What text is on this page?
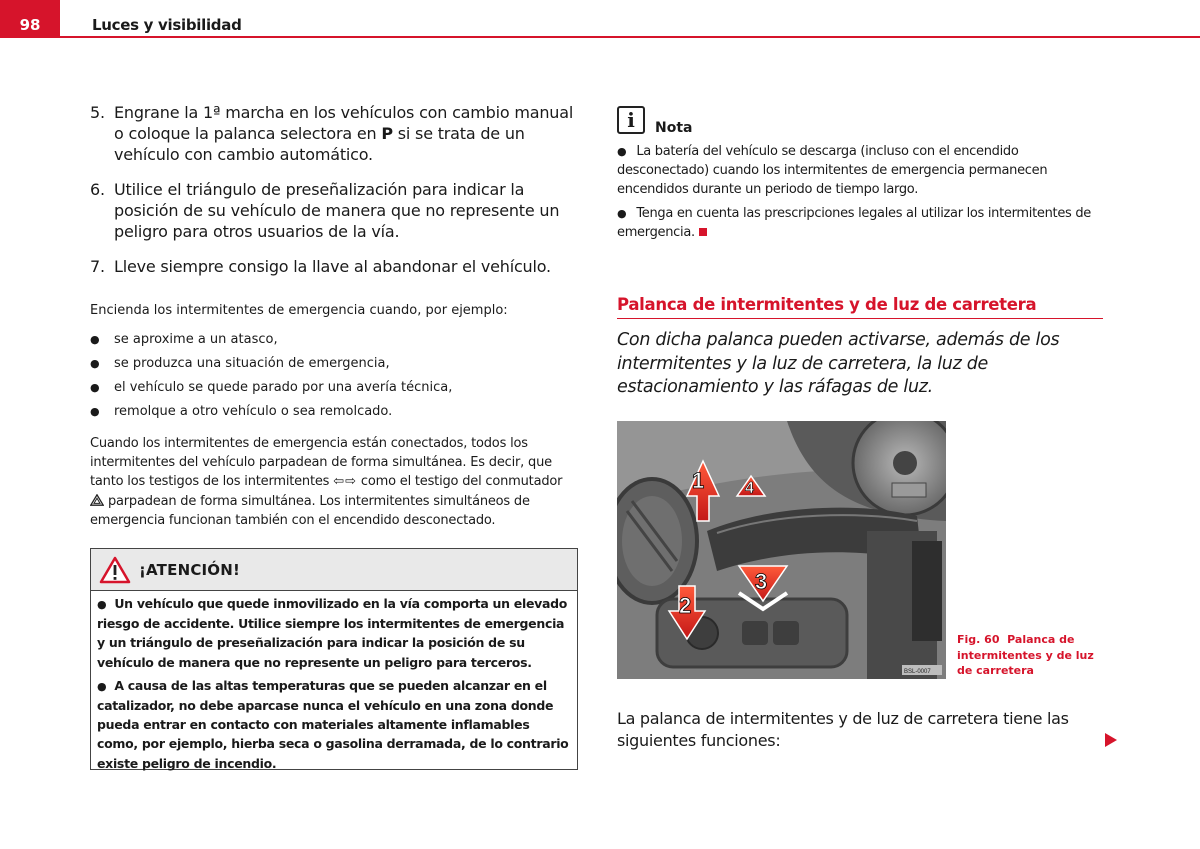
98	Luces y visibilidad
5. Engrane la 1ª marcha en los vehículos con cambio manual o coloque la palanca selectora en P si se trata de un vehículo con cambio automático.
6. Utilice el triángulo de preseñalización para indicar la posición de su vehículo de manera que no represente un peligro para otros usuarios de la vía.
7. Lleve siempre consigo la llave al abandonar el vehículo.
Encienda los intermitentes de emergencia cuando, por ejemplo:
●	se aproxime a un atasco,
●	se produzca una situación de emergencia,
●	el vehículo se quede parado por una avería técnica,
●	remolque a otro vehículo o sea remolcado.
Cuando los intermitentes de emergencia están conectados, todos los intermitentes del vehículo parpadean de forma simultánea. Es decir, que tanto los testigos de los intermitentes ⇦⇨ como el testigo del conmutador  parpadean de forma simultánea. Los intermitentes simultáneos de emergencia funcionan también con el encendido desconectado.
¡ATENCIÓN!

● Un vehículo que quede inmovilizado en la vía comporta un elevado riesgo de accidente. Utilice siempre los intermitentes de emergencia y un triángulo de preseñalización para indicar la posición de su vehículo de manera que no represente un peligro para terceros.

● A causa de las altas temperaturas que se pueden alcanzar en el catalizador, no debe aparcase nunca el vehículo en una zona donde pueda entrar en contacto con materiales altamente inflamables como, por ejemplo, hierba seca o gasolina derramada, de lo contrario existe peligro de incendio.

i	Nota

● La batería del vehículo se descarga (incluso con el encendido desconectado) cuando los intermitentes de emergencia permanecen encendidos durante un periodo de tiempo largo.

● Tenga en cuenta las prescripciones legales al utilizar los intermitentes de emergencia.

Palanca de intermitentes y de luz de carretera
Con dicha palanca pueden activarse, además de los intermitentes y la luz de carretera, la luz de estacionamiento y las ráfagas de luz.
1
2
3
4
BSL-0007
Fig. 60 Palanca de intermitentes y de luz de carretera
La palanca de intermitentes y de luz de carretera tiene las siguientes funciones:
